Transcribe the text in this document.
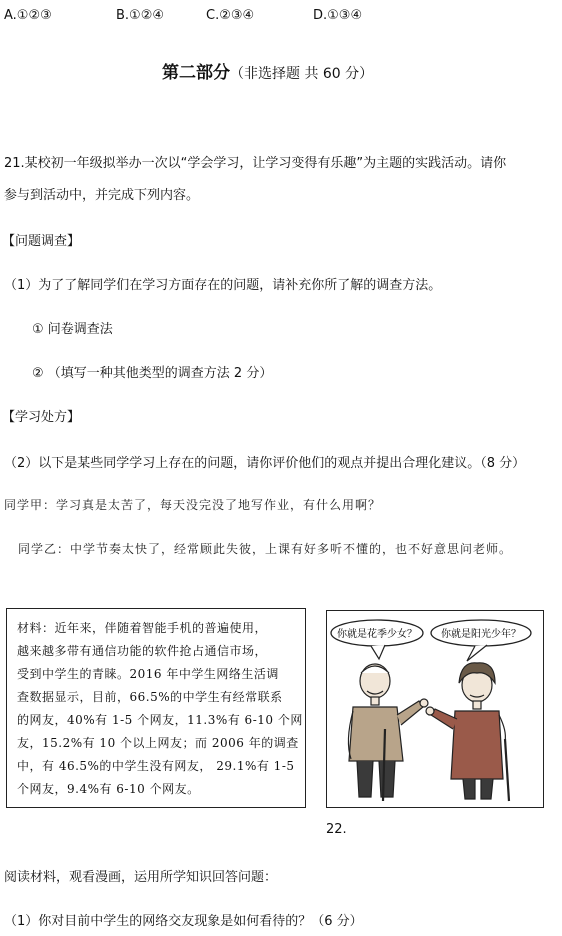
A.①②③	B.①②④	C.②③④	D.①③④
第二部分（非选择题 共 60 分）
21.某校初一年级拟举办一次以“学会学习，让学习变得有乐趣”为主题的实践活动。请你
参与到活动中，并完成下列内容。
【问题调查】
（1）为了了解同学们在学习方面存在的问题，请补充你所了解的调查方法。
① 问卷调查法
② （填写一种其他类型的调查方法 2 分）
【学习处方】
（2）以下是某些同学学习上存在的问题，请你评价他们的观点并提出合理化建议。（8 分）
同学甲：学习真是太苦了，每天没完没了地写作业，有什么用啊？
同学乙：中学节奏太快了，经常顾此失彼，上课有好多听不懂的，也不好意思问老师。
材料：近年来，伴随着智能手机的普遍使用，
越来越多带有通信功能的软件抢占通信市场，
受到中学生的青睐。2016 年中学生网络生活调
查数据显示，目前，66.5%的中学生有经常联系
的网友，40%有 1-5 个网友，11.3%有 6-10 个网
友，15.2%有 10 个以上网友；而 2006 年的调查
中，有 46.5%的中学生没有网友， 29.1%有 1-5
个网友，9.4%有 6-10 个网友。
你就是花季少女？ 你就是阳光少年？
22.
阅读材料，观看漫画，运用所学知识回答问题：
（1）你对目前中学生的网络交友现象是如何看待的？（6 分）
